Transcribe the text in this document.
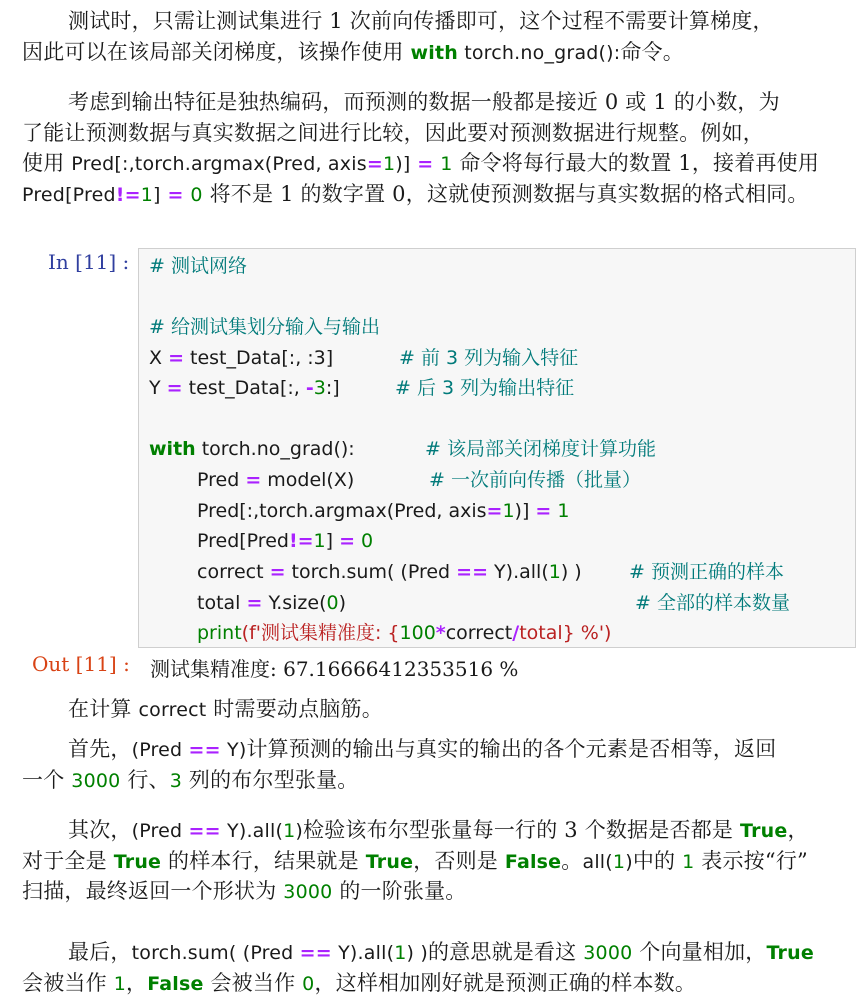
测试时，只需让测试集进行 1 次前向传播即可，这个过程不需要计算梯度，
因此可以在该局部关闭梯度，该操作使用 with torch.no_grad():命令。
考虑到输出特征是独热编码，而预测的数据一般都是接近 0 或 1 的小数，为
了能让预测数据与真实数据之间进行比较，因此要对预测数据进行规整。例如，
使用 Pred[:,torch.argmax(Pred, axis=1)] = 1 命令将每行最大的数置 1，接着再使用
Pred[Pred!=1] = 0 将不是 1 的数字置 0，这就使预测数据与真实数据的格式相同。
In [11] : # 测试网络
# 给测试集划分输入与输出
X = test_Data[:, :3]	# 前 3 列为输入特征
Y = test_Data[:, -3:]	# 后 3 列为输出特征
with torch.no_grad():	# 该局部关闭梯度计算功能
Pred = model(X)	# 一次前向传播（批量）
Pred[:,torch.argmax(Pred, axis=1)] = 1
Pred[Pred!=1] = 0
correct = torch.sum( (Pred == Y).all(1) ) # 预测正确的样本
total = Y.size(0)	# 全部的样本数量
print(f'测试集精准度: {100*correct/total} %')
Out [11] : 测试集精准度: 67.16666412353516 %
在计算 correct 时需要动点脑筋。
首先，(Pred == Y)计算预测的输出与真实的输出的各个元素是否相等，返回
一个 3000 行、3 列的布尔型张量。
其次，(Pred == Y).all(1)检验该布尔型张量每一行的 3 个数据是否都是 True，
对于全是 True 的样本行，结果就是 True，否则是 False。all(1)中的 1 表示按“行”
扫描，最终返回一个形状为 3000 的一阶张量。
最后，torch.sum( (Pred == Y).all(1) )的意思就是看这 3000 个向量相加，True
会被当作 1，False 会被当作 0，这样相加刚好就是预测正确的样本数。
